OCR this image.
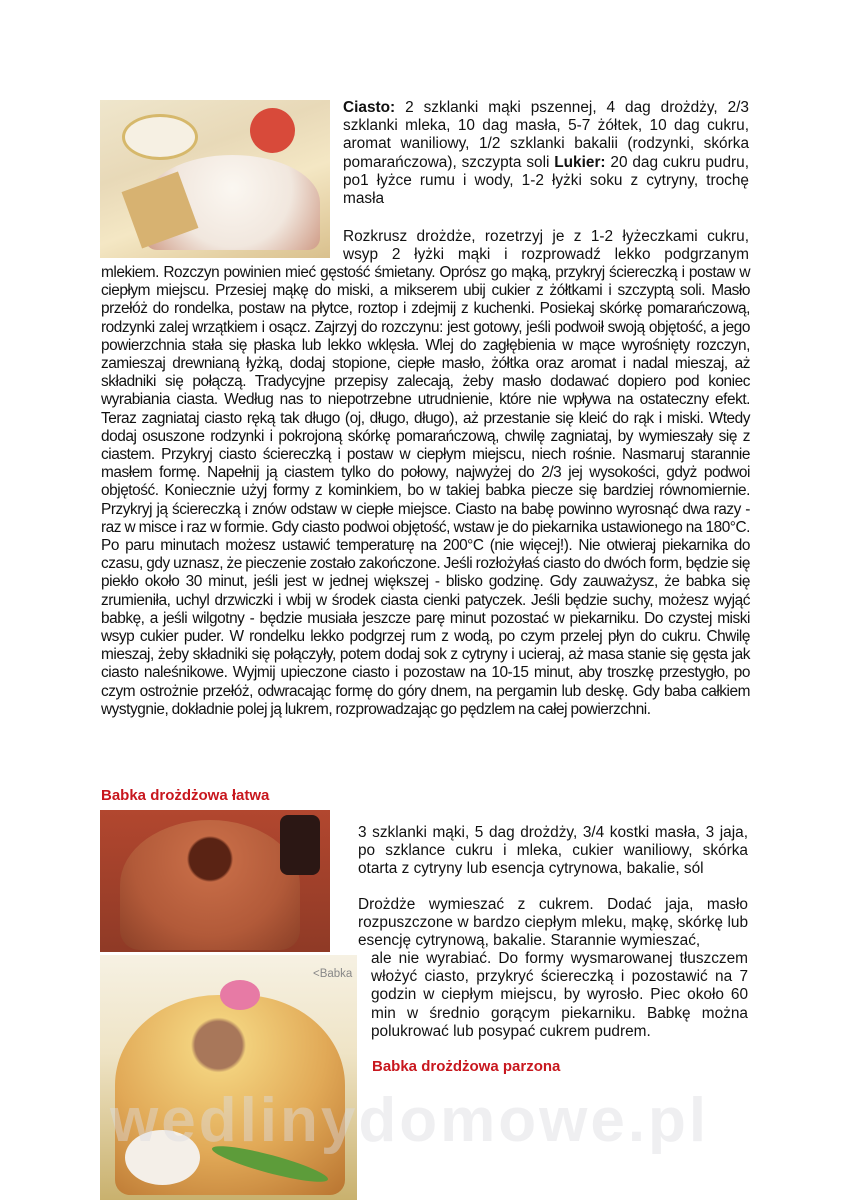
Ciasto: 2 szklanki mąki pszennej, 4 dag drożdży, 2/3 szklanki mleka, 10 dag masła, 5-7 żółtek, 10 dag cukru, aromat waniliowy, 1/2 szklanki bakalii (rodzynki, skórka pomarańczowa), szczypta soli Lukier: 20 dag cukru pudru, po1 łyżce rumu i wody, 1-2 łyżki soku z cytryny, trochę masła
Rozkrusz drożdże, rozetrzyj je z 1-2 łyżeczkami cukru, wsyp 2 łyżki mąki i rozprowadź lekko podgrzanym
mlekiem. Rozczyn powinien mieć gęstość śmietany. Oprósz go mąką, przykryj ściereczką i postaw w ciepłym miejscu. Przesiej mąkę do miski, a mikserem ubij cukier z żółtkami i szczyptą soli. Masło przełóż do rondelka, postaw na płytce, roztop i zdejmij z kuchenki. Posiekaj skórkę pomarańczową, rodzynki zalej wrzątkiem i osącz. Zajrzyj do rozczynu: jest gotowy, jeśli podwoił swoją objętość, a jego powierzchnia stała się płaska lub lekko wklęsła. Wlej do zagłębienia w mące wyrośnięty rozczyn, zamieszaj drewnianą łyżką, dodaj stopione, ciepłe masło, żółtka oraz aromat i nadal mieszaj, aż składniki się połączą. Tradycyjne przepisy zalecają, żeby masło dodawać dopiero pod koniec wyrabiania ciasta. Według nas to niepotrzebne utrudnienie, które nie wpływa na ostateczny efekt. Teraz zagniataj ciasto ręką tak długo (oj, długo, długo), aż przestanie się kleić do rąk i miski. Wtedy dodaj osuszone rodzynki i pokrojoną skórkę pomarańczową, chwilę zagniataj, by wymieszały się z ciastem. Przykryj ciasto ściereczką i postaw w ciepłym miejscu, niech rośnie. Nasmaruj starannie masłem formę. Napełnij ją ciastem tylko do połowy, najwyżej do 2/3 jej wysokości, gdyż podwoi objętość. Koniecznie użyj formy z kominkiem, bo w takiej babka piecze się bardziej równomiernie. Przykryj ją ściereczką i znów odstaw w ciepłe miejsce. Ciasto na babę powinno wyrosnąć dwa razy - raz w misce i raz w formie. Gdy ciasto podwoi objętość, wstaw je do piekarnika ustawionego na 180°C. Po paru minutach możesz ustawić temperaturę na 200°C (nie więcej!). Nie otwieraj piekarnika do czasu, gdy uznasz, że pieczenie zostało zakończone. Jeśli rozłożyłaś ciasto do dwóch form, będzie się piekło około 30 minut, jeśli jest w jednej większej - blisko godzinę. Gdy zauważysz, że babka się zrumieniła, uchyl drzwiczki i wbij w środek ciasta cienki patyczek. Jeśli będzie suchy, możesz wyjąć babkę, a jeśli wilgotny - będzie musiała jeszcze parę minut pozostać w piekarniku. Do czystej miski wsyp cukier puder. W rondelku lekko podgrzej rum z wodą, po czym przelej płyn do cukru. Chwilę mieszaj, żeby składniki się połączyły, potem dodaj sok z cytryny i ucieraj, aż masa stanie się gęsta jak ciasto naleśnikowe. Wyjmij upieczone ciasto i pozostaw na 10-15 minut, aby troszkę przestygło, po czym ostrożnie przełóż, odwracając formę do góry dnem, na pergamin lub deskę. Gdy baba całkiem wystygnie, dokładnie polej ją lukrem, rozprowadzając go pędzlem na całej powierzchni.
Babka drożdżowa łatwa
<Babka
3 szklanki mąki, 5 dag drożdży, 3/4 kostki masła, 3 jaja, po szklance cukru i mleka, cukier waniliowy, skórka otarta z cytryny lub esencja cytrynowa, bakalie, sól
Drożdże wymieszać z cukrem. Dodać jaja, masło rozpuszczone w bardzo ciepłym mleku, mąkę, skórkę lub esencję cytrynową, bakalie. Starannie wymieszać,
ale nie wyrabiać. Do formy wysmarowanej tłuszczem włożyć ciasto, przykryć ściereczką i pozostawić na 7 godzin w ciepłym miejscu, by wyrosło. Piec około 60 min w średnio gorącym piekarniku. Babkę można polukrować lub posypać cukrem pudrem.
Babka drożdżowa parzona
wedlinydomowe.pl
